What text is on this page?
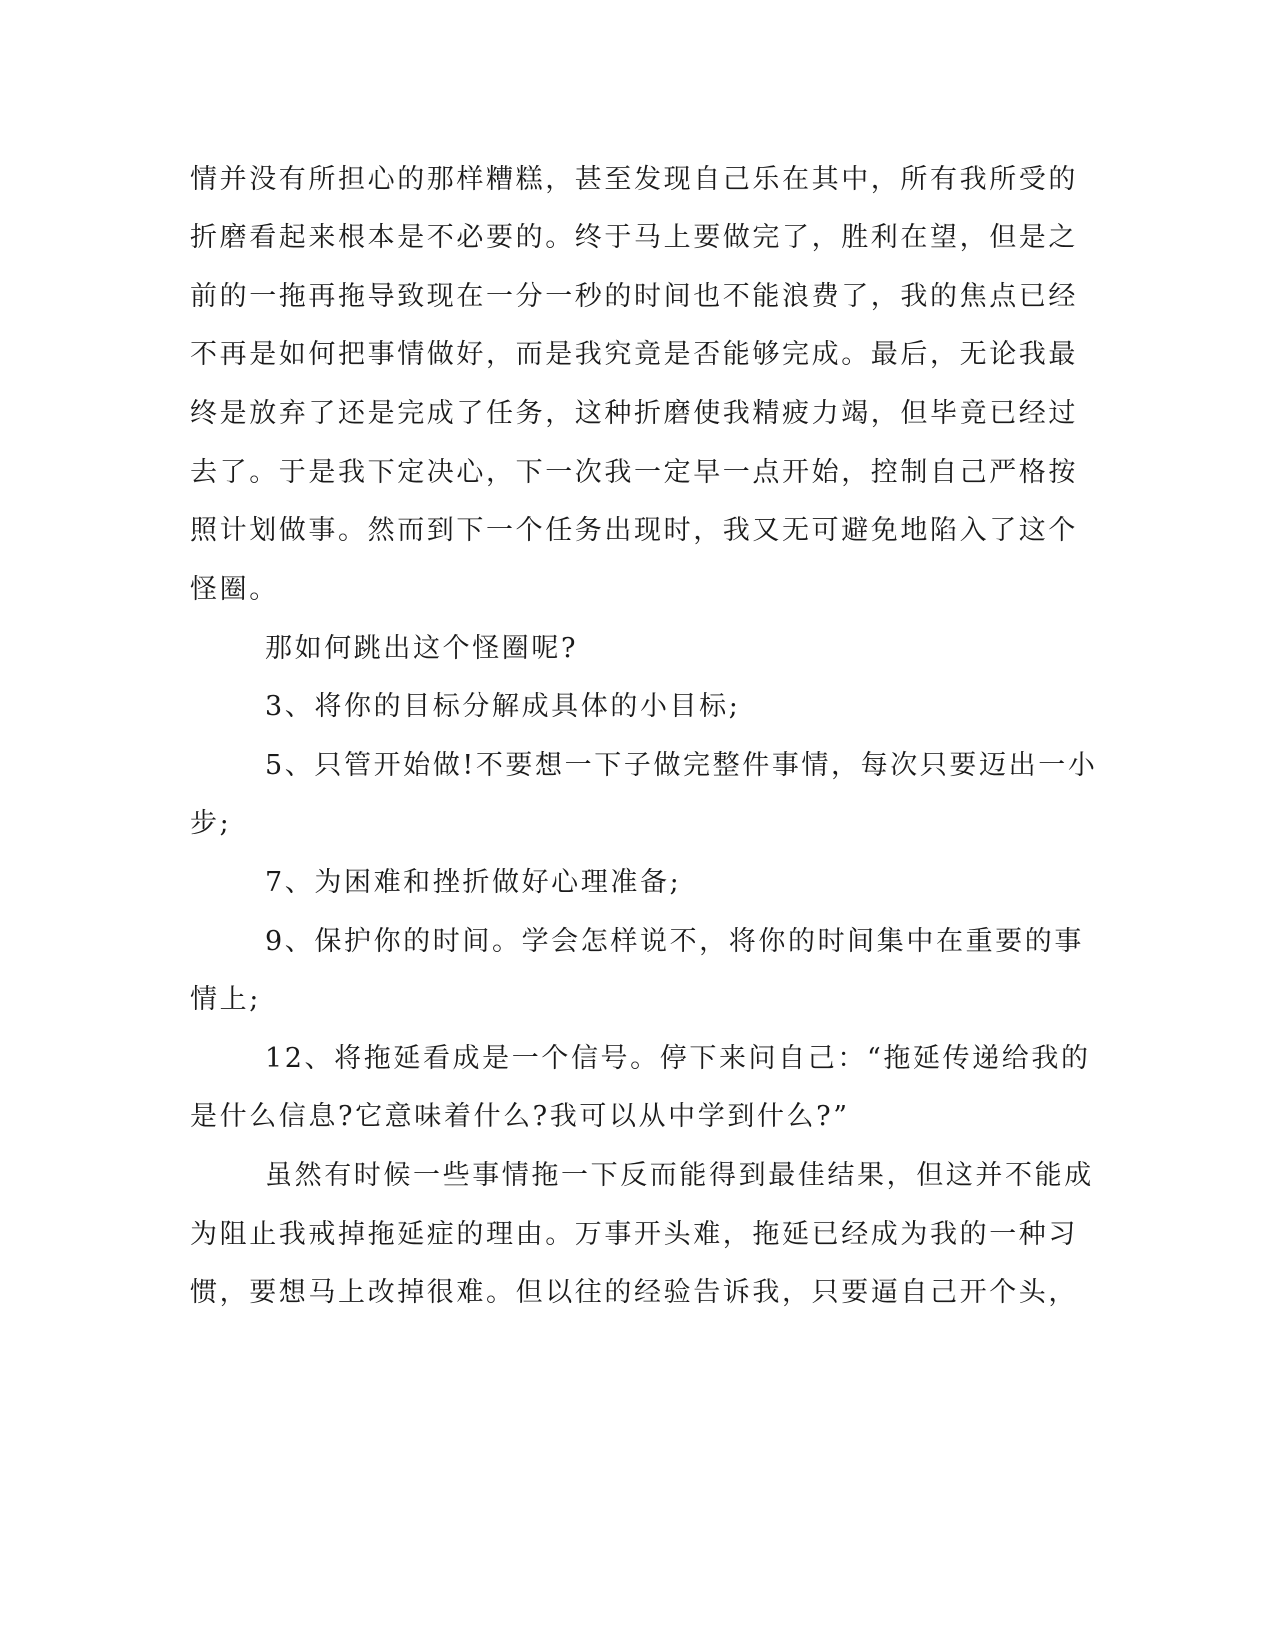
情并没有所担心的那样糟糕，甚至发现自己乐在其中，所有我所受的
折磨看起来根本是不必要的。终于马上要做完了，胜利在望，但是之
前的一拖再拖导致现在一分一秒的时间也不能浪费了，我的焦点已经
不再是如何把事情做好，而是我究竟是否能够完成。最后，无论我最
终是放弃了还是完成了任务，这种折磨使我精疲力竭，但毕竟已经过
去了。于是我下定决心，下一次我一定早一点开始，控制自己严格按
照计划做事。然而到下一个任务出现时，我又无可避免地陷入了这个
怪圈。
那如何跳出这个怪圈呢?
3、将你的目标分解成具体的小目标;
5、只管开始做!不要想一下子做完整件事情，每次只要迈出一小
步;
7、为困难和挫折做好心理准备;
9、保护你的时间。学会怎样说不，将你的时间集中在重要的事
情上;
12、将拖延看成是一个信号。停下来问自己：“拖延传递给我的
是什么信息?它意味着什么?我可以从中学到什么?”
虽然有时候一些事情拖一下反而能得到最佳结果，但这并不能成
为阻止我戒掉拖延症的理由。万事开头难，拖延已经成为我的一种习
惯，要想马上改掉很难。但以往的经验告诉我，只要逼自己开个头，
